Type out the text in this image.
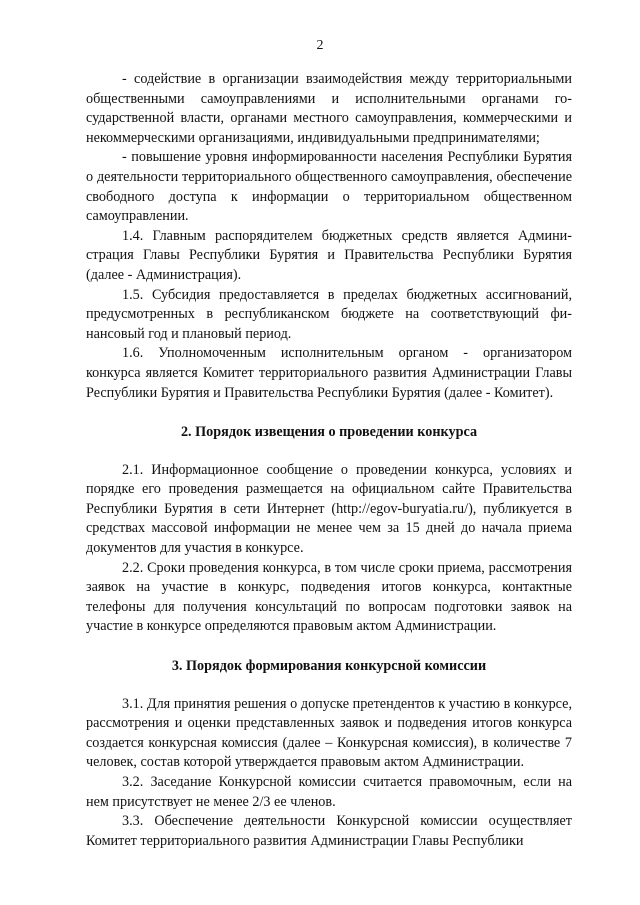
2

- содействие в организации взаимодействия между территориальными общественными самоуправлениями и исполнительными органами государственной власти, органами местного самоуправления, коммерческими и некоммерческими организациями, индивидуальными предпринимателями;

- повышение уровня информированности населения Республики Бурятия о деятельности территориального общественного самоуправления, обеспечение свободного доступа к информации о территориальном общественном самоуправлении.

1.4. Главным распорядителем бюджетных средств является Администрация Главы Республики Бурятия и Правительства Республики Бурятия (далее - Администрация).

1.5. Субсидия предоставляется в пределах бюджетных ассигнований, предусмотренных в республиканском бюджете на соответствующий финансовый год и плановый период.

1.6. Уполномоченным исполнительным органом - организатором конкурса является Комитет территориального развития Администрации Главы Республики Бурятия и Правительства Республики Бурятия (далее - Комитет).

2. Порядок извещения о проведении конкурса

2.1. Информационное сообщение о проведении конкурса, условиях и порядке его проведения размещается на официальном сайте Правительства Республики Бурятия в сети Интернет (http://egov-buryatia.ru/), публикуется в средствах массовой информации не менее чем за 15 дней до начала приема документов для участия в конкурсе.

2.2. Сроки проведения конкурса, в том числе сроки приема, рассмотрения заявок на участие в конкурс, подведения итогов конкурса, контактные телефоны для получения консультаций по вопросам подготовки заявок на участие в конкурсе определяются правовым актом Администрации.

3. Порядок формирования конкурсной комиссии

3.1. Для принятия решения о допуске претендентов к участию в конкурсе, рассмотрения и оценки представленных заявок и подведения итогов конкурса создается конкурсная комиссия (далее – Конкурсная комиссия), в количестве 7 человек, состав которой утверждается правовым актом Администрации.

3.2. Заседание Конкурсной комиссии считается правомочным, если на нем присутствует не менее 2/3 ее членов.

3.3. Обеспечение деятельности Конкурсной комиссии осуществляет Комитет территориального развития Администрации Главы Республики
